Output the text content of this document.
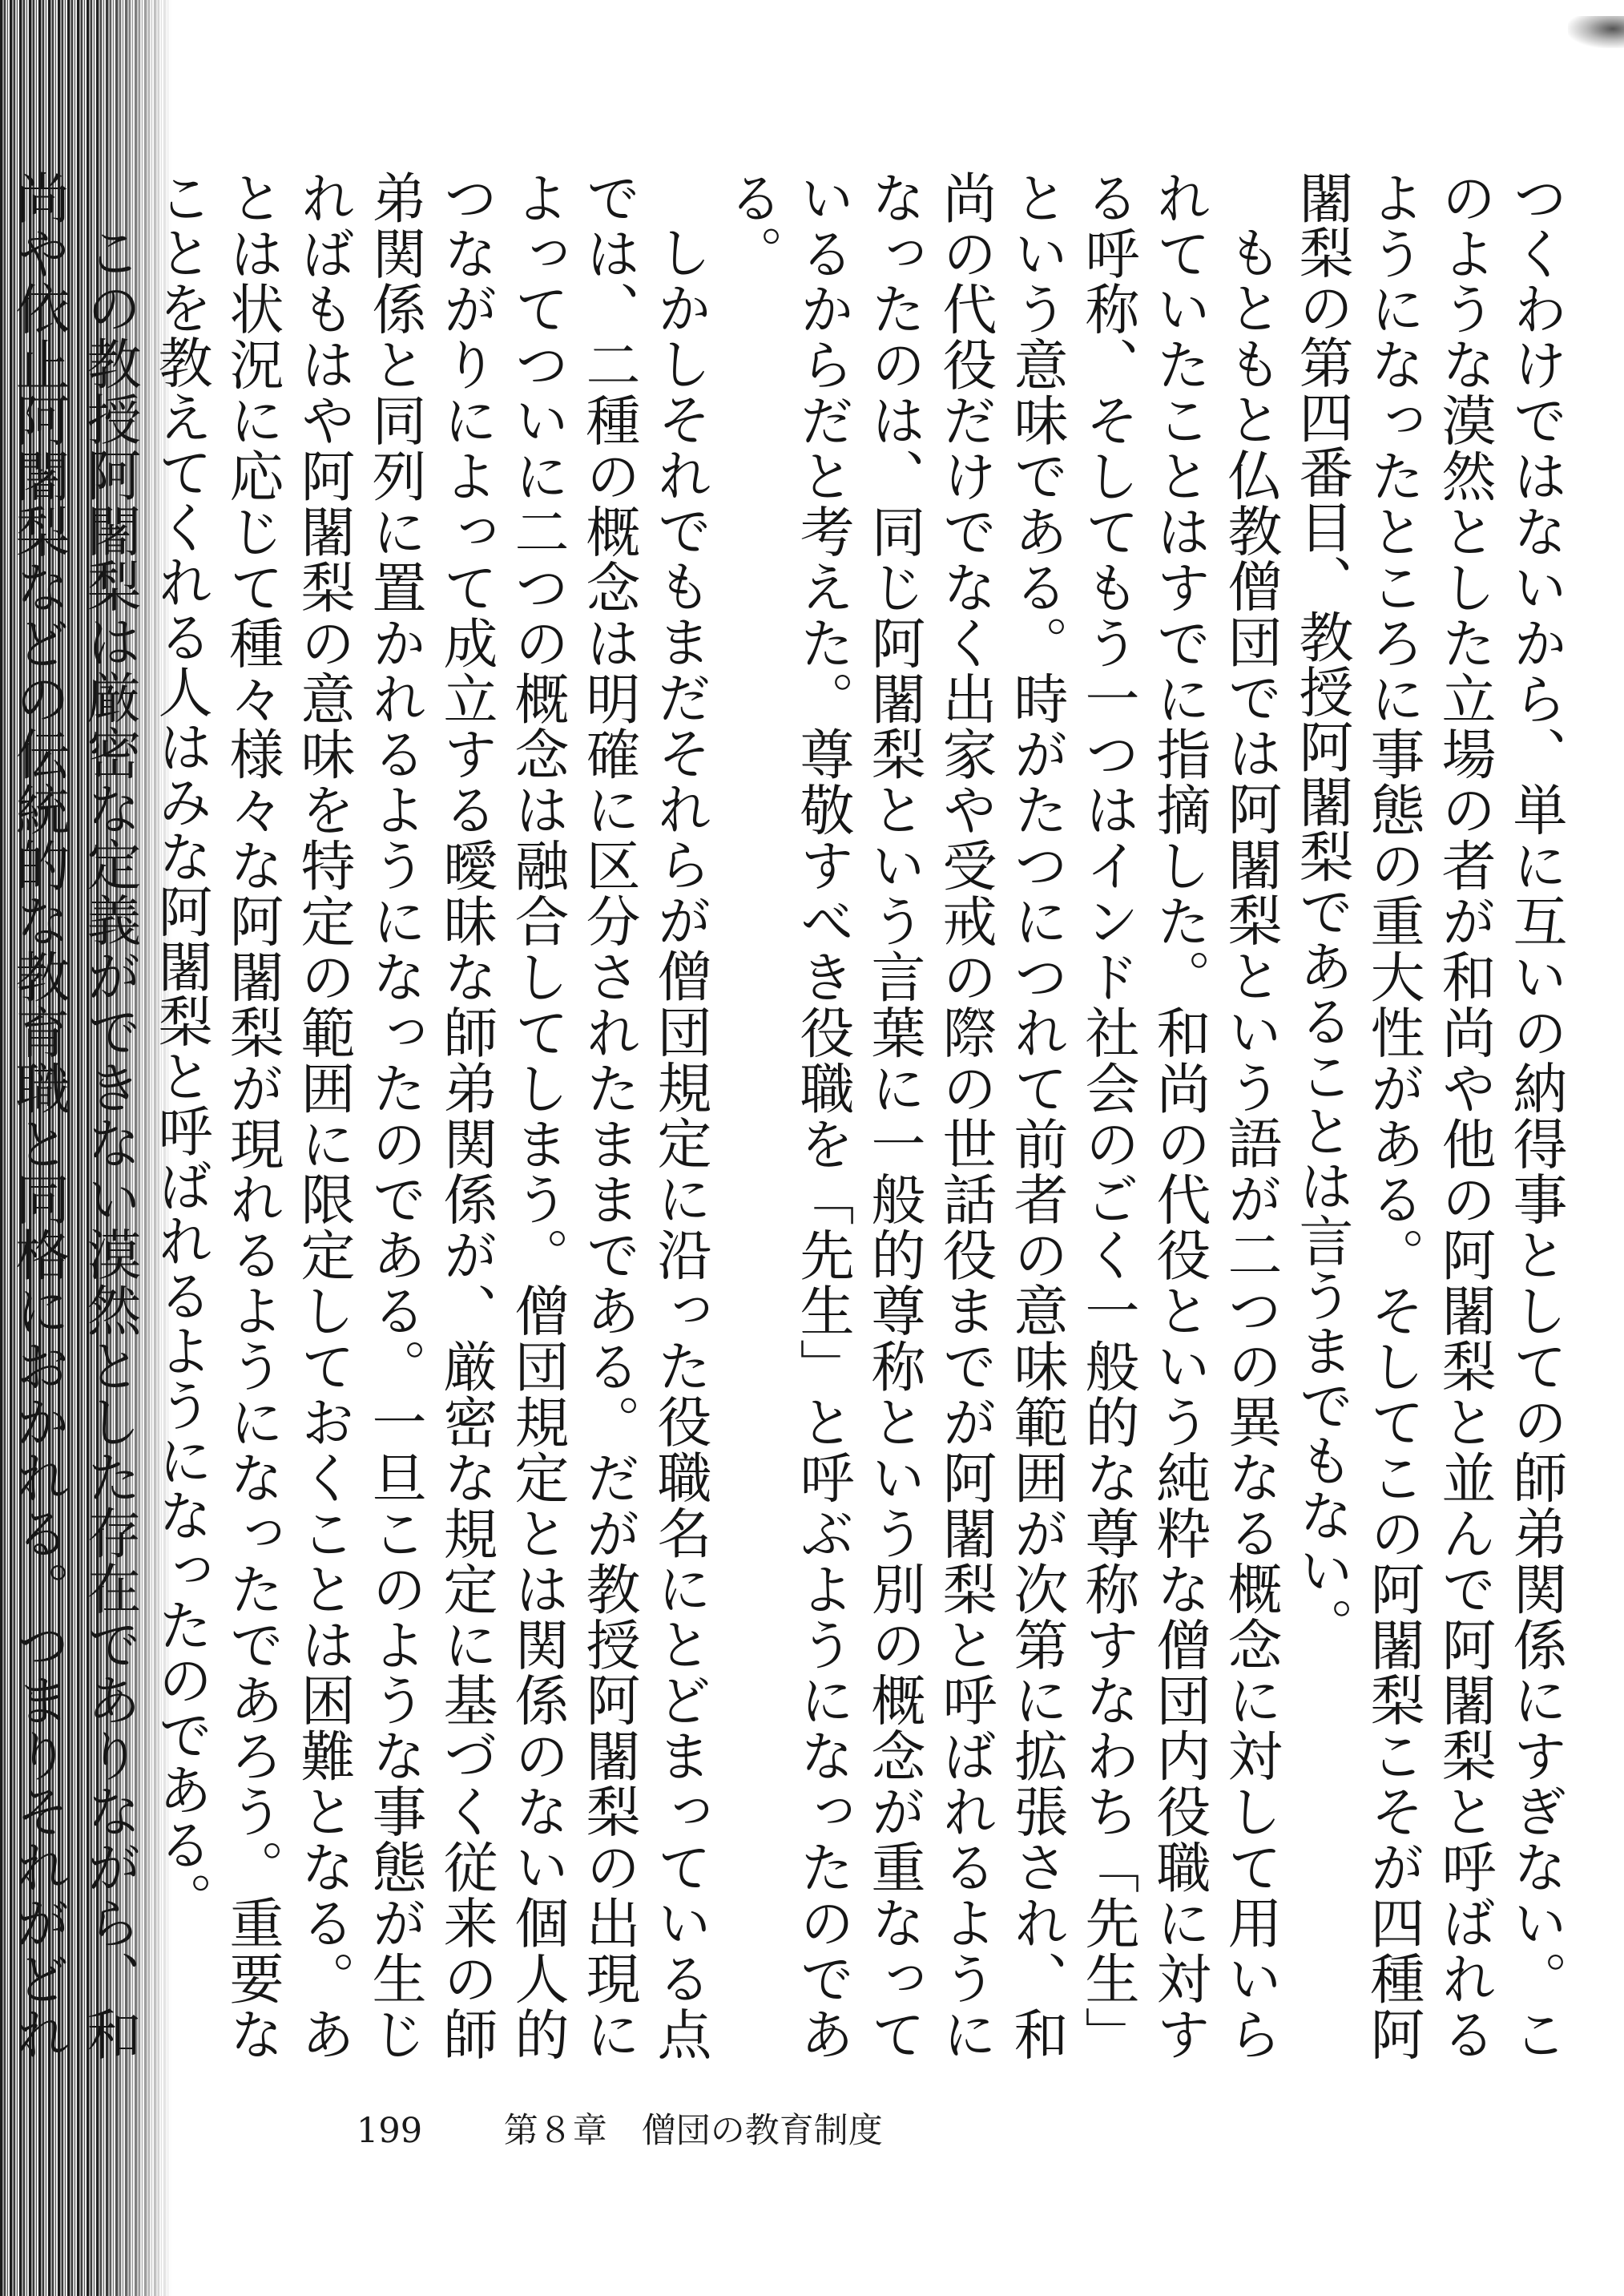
つくわけではないから、単に互いの納得事としての師弟関係にすぎない。このような漠然とした立場の者が和尚や他の阿闍梨と並んで阿闍梨と呼ばれるようになったところに事態の重大性がある。そしてこの阿闍梨こそが四種阿闍梨の第四番目、教授阿闍梨であることは言うまでもない。

もともと仏教僧団では阿闍梨という語が二つの異なる概念に対して用いられていたことはすでに指摘した。和尚の代役という純粋な僧団内役職に対する呼称、そしてもう一つはインド社会のごく一般的な尊称すなわち「先生」という意味である。時がたつにつれて前者の意味範囲が次第に拡張され、和尚の代役だけでなく出家や受戒の際の世話役までが阿闍梨と呼ばれるようになったのは、同じ阿闍梨という言葉に一般的尊称という別の概念が重なっているからだと考えた。尊敬すべき役職を「先生」と呼ぶようになったのである。

しかしそれでもまだそれらが僧団規定に沿った役職名にとどまっている点では、二種の概念は明確に区分されたままである。だが教授阿闍梨の出現によってついに二つの概念は融合してしまう。僧団規定とは関係のない個人的つながりによって成立する曖昧な師弟関係が、厳密な規定に基づく従来の師弟関係と同列に置かれるようになったのである。一旦このような事態が生じればもはや阿闍梨の意味を特定の範囲に限定しておくことは困難となる。あとは状況に応じて種々様々な阿闍梨が現れるようになったであろう。重要なことを教えてくれる人はみな阿闍梨と呼ばれるようになったのである。

この教授阿闍梨は厳密な定義ができない漠然とした存在でありながら、和尚や依止阿闍梨などの伝統的な教育職と同格におかれる。つまりそれがどれ

199 第８章　僧団の教育制度
